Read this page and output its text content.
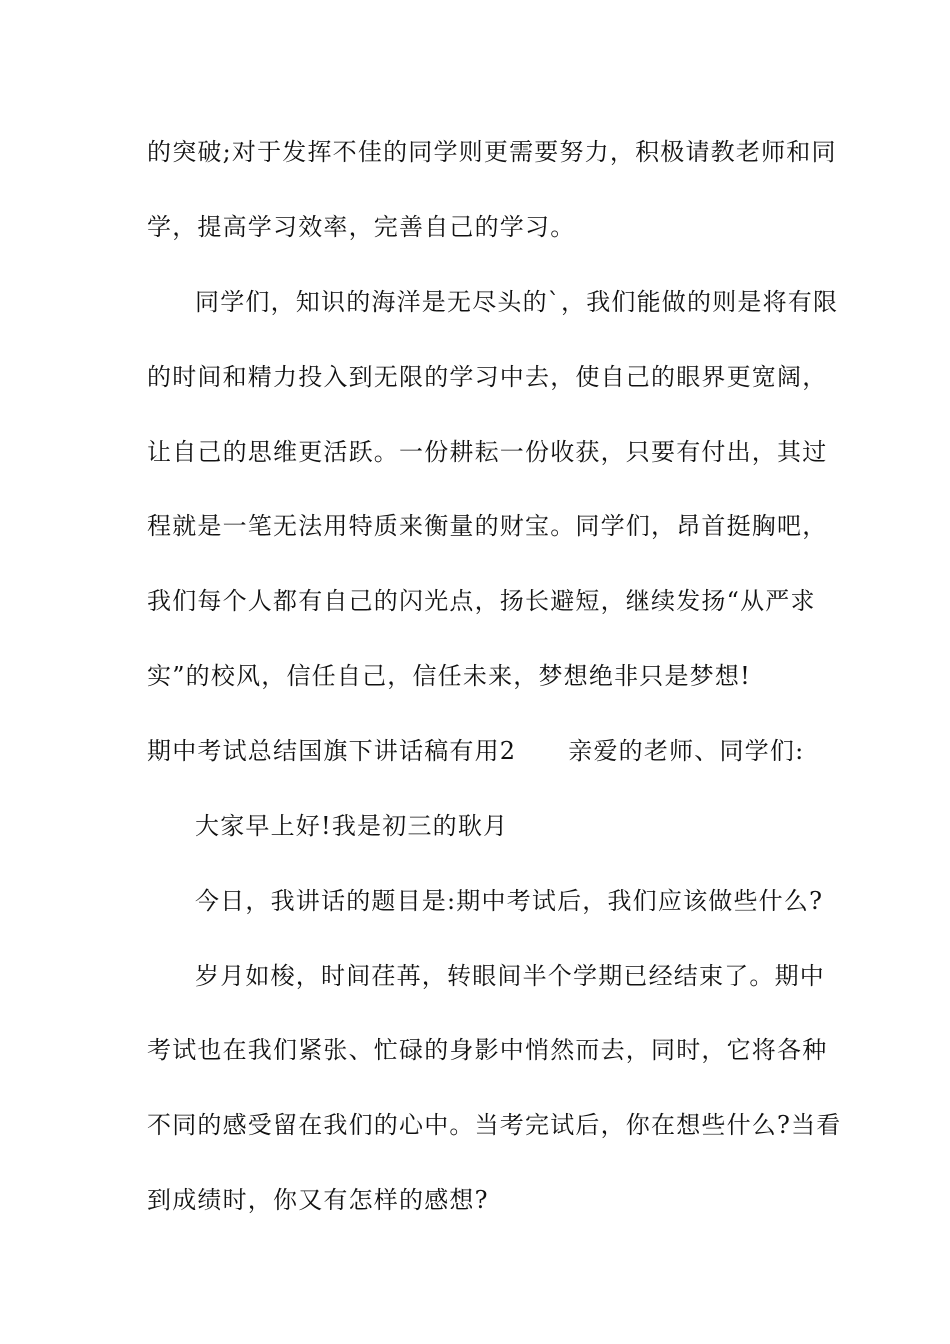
的突破;对于发挥不佳的同学则更需要努力，积极请教老师和同
学，提高学习效率，完善自己的学习。
同学们，知识的海洋是无尽头的`，我们能做的则是将有限
的时间和精力投入到无限的学习中去，使自己的眼界更宽阔，
让自己的思维更活跃。一份耕耘一份收获，只要有付出，其过
程就是一笔无法用特质来衡量的财宝。同学们，昂首挺胸吧，
我们每个人都有自己的闪光点，扬长避短，继续发扬“从严求
实”的校风，信任自己，信任未来，梦想绝非只是梦想!
期中考试总结国旗下讲话稿有用2 亲爱的老师、同学们:
大家早上好!我是初三的耿月
今日，我讲话的题目是:期中考试后，我们应该做些什么?
岁月如梭，时间荏苒，转眼间半个学期已经结束了。期中
考试也在我们紧张、忙碌的身影中悄然而去，同时，它将各种
不同的感受留在我们的心中。当考完试后，你在想些什么?当看
到成绩时，你又有怎样的感想?
